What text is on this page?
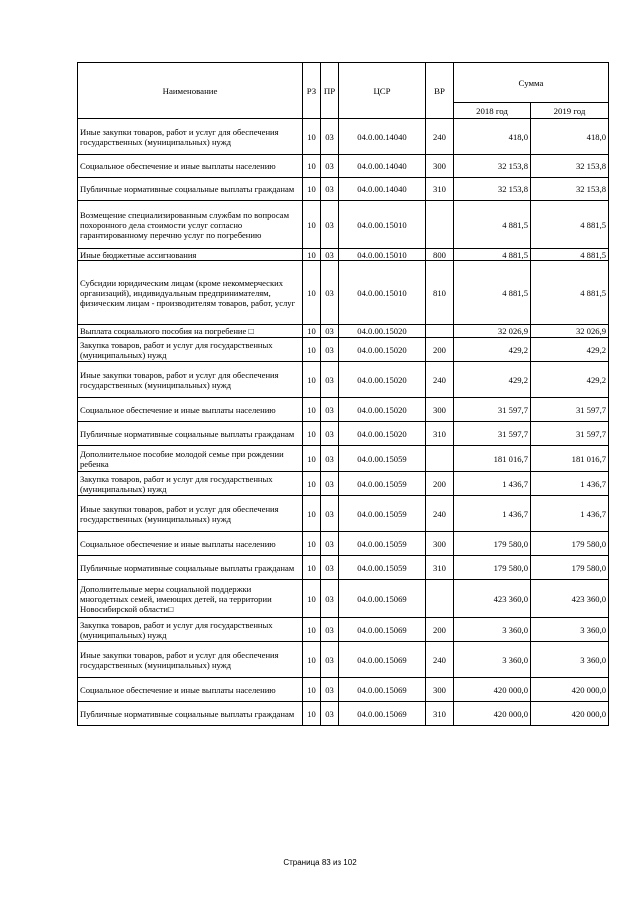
Наименование	РЗ	ПР	ЦСР	ВР	Сумма	
					2018 год	2019 год
Иные закупки товаров, работ и услуг для обеспечения государственных (муниципальных) нужд	10	03	04.0.00.14040	240	418,0	418,0
Социальное обеспечение и иные выплаты населению	10	03	04.0.00.14040	300	32 153,8	32 153,8
Публичные нормативные социальные выплаты гражданам	10	03	04.0.00.14040	310	32 153,8	32 153,8
Возмещение специализированным службам по вопросам похоронного дела стоимости услуг согласно гарантированному перечню услуг по погребению	10	03	04.0.00.15010		4 881,5	4 881,5
Иные бюджетные ассигнования	10	03	04.0.00.15010	800	4 881,5	4 881,5
Субсидии юридическим лицам (кроме некоммерческих организаций), индивидуальным предпринимателям, физическим лицам - производителям товаров, работ, услуг	10	03	04.0.00.15010	810	4 881,5	4 881,5
Выплата социального пособия на погребение □	10	03	04.0.00.15020		32 026,9	32 026,9
Закупка товаров, работ и услуг для государственных (муниципальных) нужд	10	03	04.0.00.15020	200	429,2	429,2
Иные закупки товаров, работ и услуг для обеспечения государственных (муниципальных) нужд	10	03	04.0.00.15020	240	429,2	429,2
Социальное обеспечение и иные выплаты населению	10	03	04.0.00.15020	300	31 597,7	31 597,7
Публичные нормативные социальные выплаты гражданам	10	03	04.0.00.15020	310	31 597,7	31 597,7
Дополнительное пособие молодой семье при рождении ребенка	10	03	04.0.00.15059		181 016,7	181 016,7
Закупка товаров, работ и услуг для государственных (муниципальных) нужд	10	03	04.0.00.15059	200	1 436,7	1 436,7
Иные закупки товаров, работ и услуг для обеспечения государственных (муниципальных) нужд	10	03	04.0.00.15059	240	1 436,7	1 436,7
Социальное обеспечение и иные выплаты населению	10	03	04.0.00.15059	300	179 580,0	179 580,0
Публичные нормативные социальные выплаты гражданам	10	03	04.0.00.15059	310	179 580,0	179 580,0
Дополнительные меры социальной поддержки многодетных семей, имеющих детей, на территории Новосибирской области□	10	03	04.0.00.15069		423 360,0	423 360,0
Закупка товаров, работ и услуг для государственных (муниципальных) нужд	10	03	04.0.00.15069	200	3 360,0	3 360,0
Иные закупки товаров, работ и услуг для обеспечения государственных (муниципальных) нужд	10	03	04.0.00.15069	240	3 360,0	3 360,0
Социальное обеспечение и иные выплаты населению	10	03	04.0.00.15069	300	420 000,0	420 000,0
Публичные нормативные социальные выплаты гражданам	10	03	04.0.00.15069	310	420 000,0	420 000,0
Страница 83 из 102
